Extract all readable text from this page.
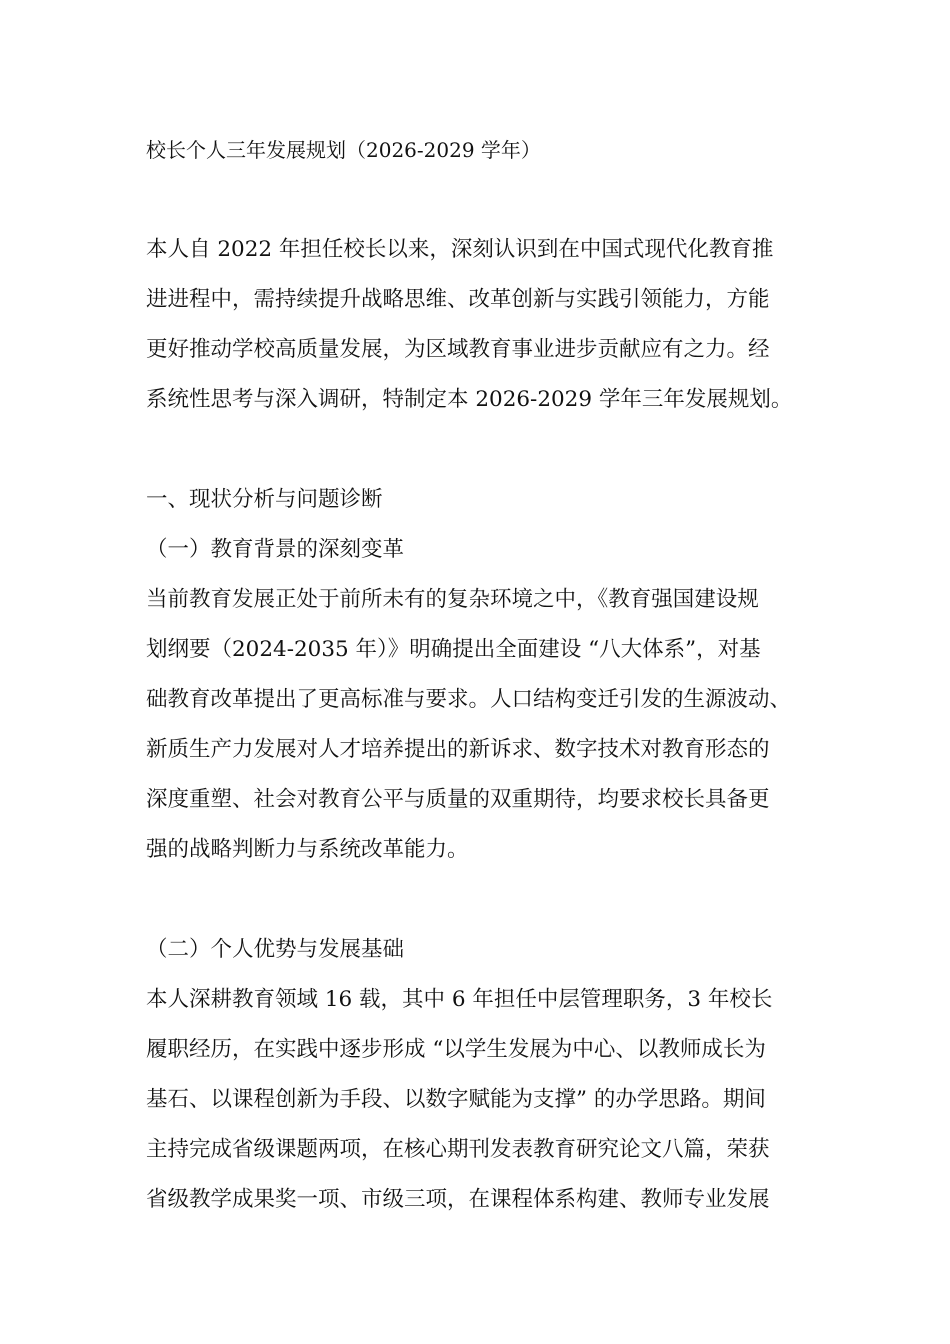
校长个人三年发展规划（2026-2029 学年）

本人自 2022 年担任校长以来，深刻认识到在中国式现代化教育推

进进程中，需持续提升战略思维、改革创新与实践引领能力，方能

更好推动学校高质量发展，为区域教育事业进步贡献应有之力。经

系统性思考与深入调研，特制定本 2026-2029 学年三年发展规划。

一、现状分析与问题诊断

（一）教育背景的深刻变革

当前教育发展正处于前所未有的复杂环境之中，《教育强国建设规

划纲要（2024-2035 年）》明确提出全面建设 “八大体系”，对基

础教育改革提出了更高标准与要求。人口结构变迁引发的生源波动、

新质生产力发展对人才培养提出的新诉求、数字技术对教育形态的

深度重塑、社会对教育公平与质量的双重期待，均要求校长具备更

强的战略判断力与系统改革能力。

（二）个人优势与发展基础

本人深耕教育领域 16 载，其中 6 年担任中层管理职务，3 年校长

履职经历，在实践中逐步形成 “以学生发展为中心、以教师成长为

基石、以课程创新为手段、以数字赋能为支撑” 的办学思路。期间

主持完成省级课题两项，在核心期刊发表教育研究论文八篇，荣获

省级教学成果奖一项、市级三项，在课程体系构建、教师专业发展
